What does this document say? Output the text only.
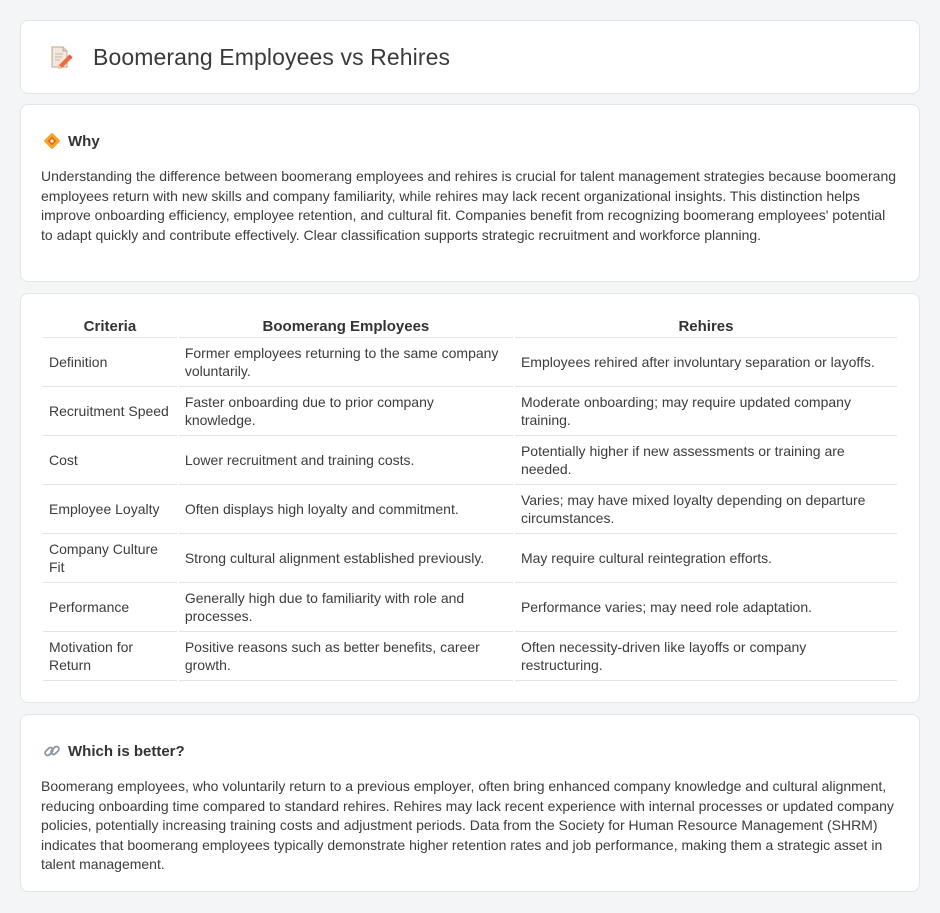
Boomerang Employees vs Rehires
Why

Understanding the difference between boomerang employees and rehires is crucial for talent management strategies because boomerang employees return with new skills and company familiarity, while rehires may lack recent organizational insights. This distinction helps improve onboarding efficiency, employee retention, and cultural fit. Companies benefit from recognizing boomerang employees' potential to adapt quickly and contribute effectively. Clear classification supports strategic recruitment and workforce planning.

Criteria	Boomerang Employees	Rehires
Definition	Former employees returning to the same company voluntarily.	Employees rehired after involuntary separation or layoffs.
Recruitment Speed	Faster onboarding due to prior company knowledge.	Moderate onboarding; may require updated company training.
Cost	Lower recruitment and training costs.	Potentially higher if new assessments or training are needed.
Employee Loyalty	Often displays high loyalty and commitment.	Varies; may have mixed loyalty depending on departure circumstances.
Company Culture Fit	Strong cultural alignment established previously.	May require cultural reintegration efforts.
Performance	Generally high due to familiarity with role and processes.	Performance varies; may need role adaptation.
Motivation for Return	Positive reasons such as better benefits, career growth.	Often necessity-driven like layoffs or company restructuring.
Which is better?

Boomerang employees, who voluntarily return to a previous employer, often bring enhanced company knowledge and cultural alignment, reducing onboarding time compared to standard rehires. Rehires may lack recent experience with internal processes or updated company policies, potentially increasing training costs and adjustment periods. Data from the Society for Human Resource Management (SHRM) indicates that boomerang employees typically demonstrate higher retention rates and job performance, making them a strategic asset in talent management.
